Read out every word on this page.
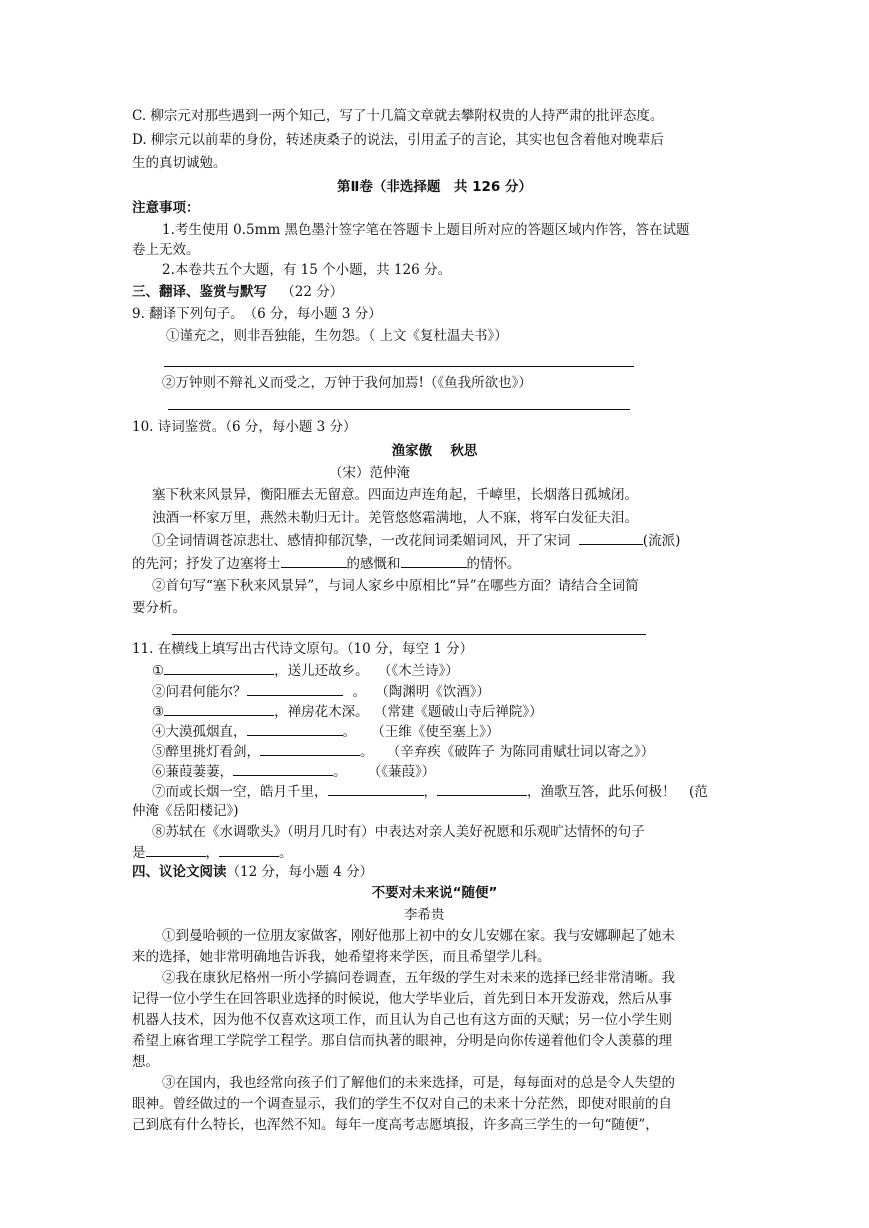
C. 柳宗元对那些遇到一两个知己，写了十几篇文章就去攀附权贵的人持严肃的批评态度。
D. 柳宗元以前辈的身份，转述庚桑子的说法，引用孟子的言论，其实也包含着他对晚辈后
生的真切诚勉。
第Ⅱ卷（非选择题　共 126 分）
注意事项：
1.考生使用 0.5mm 黑色墨汁签字笔在答题卡上题目所对应的答题区域内作答，答在试题
卷上无效。
2.本卷共五个大题，有 15 个小题，共 126 分。
三、翻译、鉴赏与默写 （22 分）
9. 翻译下列句子。　（6 分，每小题 3 分）
①谨充之，则非吾独能，生勿怨。（ 上文《复杜温夫书》）
②万钟则不辩礼义而受之，万钟于我何加焉!（《鱼我所欲也》）
10. 诗词鉴赏。（6 分，每小题 3 分）
渔家傲　 秋思
（宋）范仲淹
塞下秋来风景异，衡阳雁去无留意。四面边声连角起，千嶂里，长烟落日孤城闭。
浊酒一杯家万里，燕然未勒归无计。羌管悠悠霜满地，人不寐，将军白发征夫泪。
①全词情调苍凉悲壮、感情抑郁沉挚，一改花间词柔媚词风，开了宋词	(流派)
的先河；抒发了边塞将士	的感慨和	的情怀。
②首句写“塞下秋来风景异”，与词人家乡中原相比“异”在哪些方面？请结合全词简
要分析。
11. 在横线上填写出古代诗文原句。（10 分，每空 1 分）
①	，送儿还故乡。 （《木兰诗》）
②问君何能尔？	。 （陶渊明《饮酒》）
③	，禅房花木深。 （常建《题破山寺后禅院》）
④大漠孤烟直，	。 （王维《使至塞上》）
⑤醉里挑灯看剑，	。 （辛弃疾《破阵子 为陈同甫赋壮词以寄之》）
⑥蒹葭萋萋，	。 （《蒹葭》）
⑦而或长烟一空，皓月千里，	，	，渔歌互答，此乐何极！　(范
仲淹《岳阳楼记》)
⑧苏轼在《水调歌头》（明月几时有）中表达对亲人美好祝愿和乐观旷达情怀的句子
是	，	。
四、议论文阅读（12 分，每小题 4 分）
不要对未来说“随便”
李希贵
①到曼哈顿的一位朋友家做客，刚好他那上初中的女儿安娜在家。我与安娜聊起了她未
来的选择，她非常明确地告诉我，她希望将来学医，而且希望学儿科。
②我在康狄尼格州一所小学搞问卷调查，五年级的学生对未来的选择已经非常清晰。我
记得一位小学生在回答职业选择的时候说，他大学毕业后，首先到日本开发游戏，然后从事
机器人技术，因为他不仅喜欢这项工作，而且认为自己也有这方面的天赋；另一位小学生则
希望上麻省理工学院学工程学。那自信而执著的眼神，分明是向你传递着他们令人羡慕的理
想。
③在国内，我也经常向孩子们了解他们的未来选择，可是，每每面对的总是令人失望的
眼神。曾经做过的一个调查显示，我们的学生不仅对自己的未来十分茫然，即使对眼前的自
己到底有什么特长，也浑然不知。每年一度高考志愿填报，许多高三学生的一句“随便”，
